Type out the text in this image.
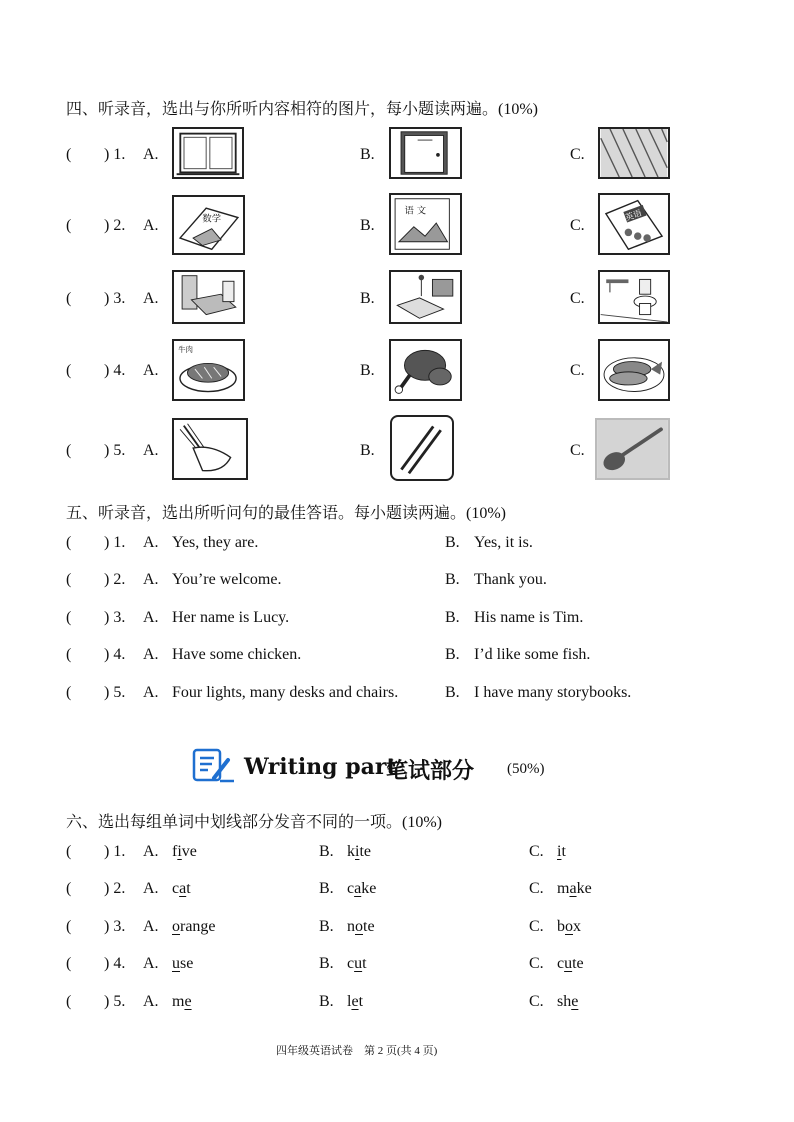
四、听录音，选出与你所听内容相符的图片，每小题读两遍。(10%)
( ) 1. A.	B.	C.
( ) 2. A.	B.	C.
数学
语 文	英语
( ) 3. A.	B.	C.
( ) 4. A.	B.	C.
牛肉
( ) 5. A.	B.	C.
五、听录音，选出所听问句的最佳答语。每小题读两遍。(10%)
( ) 1. A. Yes, they are.	B. Yes, it is.
( ) 2. A. You’re welcome.	B. Thank you.
( ) 3. A. Her name is Lucy.	B. His name is Tim.
( ) 4. A. Have some chicken.	B. I’d like some fish.
( ) 5. A. Four lights, many desks and chairs.	B. I have many storybooks.
Writing part
笔试部分 (50%)
六、选出每组单词中划线部分发音不同的一项。(10%)
( ) 1. A. five	B. kite	C. it
( ) 2. A. cat	B. cake	C. make
( ) 3. A. orange	B. note	C. box
( ) 4. A. use	B. cut	C. cute
( ) 5. A. me	B. let	C. she
四年级英语试卷　第 2 页(共 4 页)
